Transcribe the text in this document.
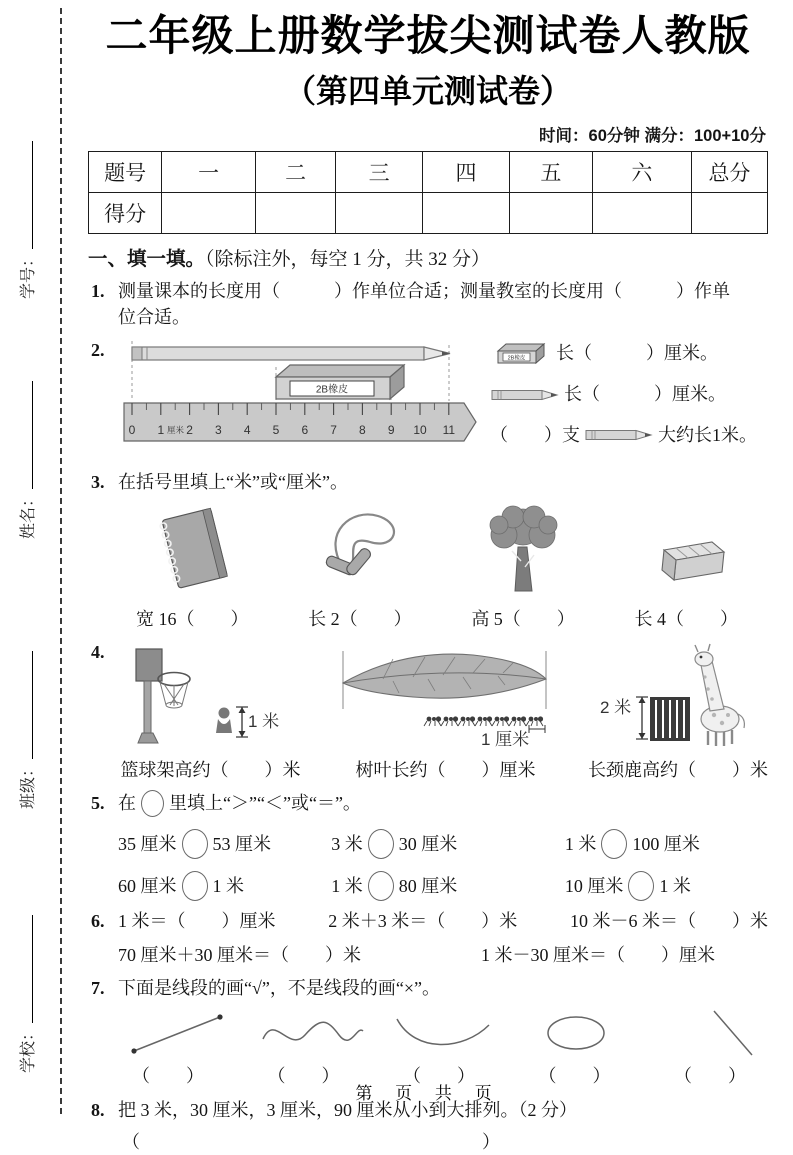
学号：
姓名：
班级：
学校：
二年级上册数学拔尖测试卷人教版
（第四单元测试卷）
时间：60分钟 满分：100+10分
题号	一	二	三	四	五	六	总分
得分							
一、填一填。（除标注外，每空 1 分，共 32 分）
1. 测量课本的长度用（　　　）作单位合适；测量教室的长度用（　　　）作单
位合适。
2.
2B橡皮
0 1 厘米 2 3 4 5 6 7 8 9 10 11
2B橡皮 长（　　　）厘米。
长（　　　）厘米。
（　　）支	大约长1米。
3. 在括号里填上“米”或“厘米”。
宽 16（　　）	长 2（　　）	高 5（　　）	长 4（　　）
4.
1 米
篮球架高约（　　）米
1 厘米
树叶长约（　　）厘米
2 米
长颈鹿高约（　　）米
5. 在 里填上“＞”“＜”或“＝”。
35 厘米 53 厘米	3 米 30 厘米	1 米 100 厘米
60 厘米 1 米	1 米 80 厘米	10 厘米 1 米
6. 1 米＝（　　）厘米	2 米＋3 米＝（　　）米	10 米－6 米＝（　　）米
70 厘米＋30 厘米＝（　　）米	1 米－30 厘米＝（　　）厘米
7. 下面是线段的画“√”，不是线段的画“×”。
（　　）	（　　）	（　　）	（　　）	（　　）
8. 把 3 米，30 厘米，3 厘米，90 厘米从小到大排列。（2 分）
（　　　　　　　　　　　　　　　　　　　）
第 页 共 页
